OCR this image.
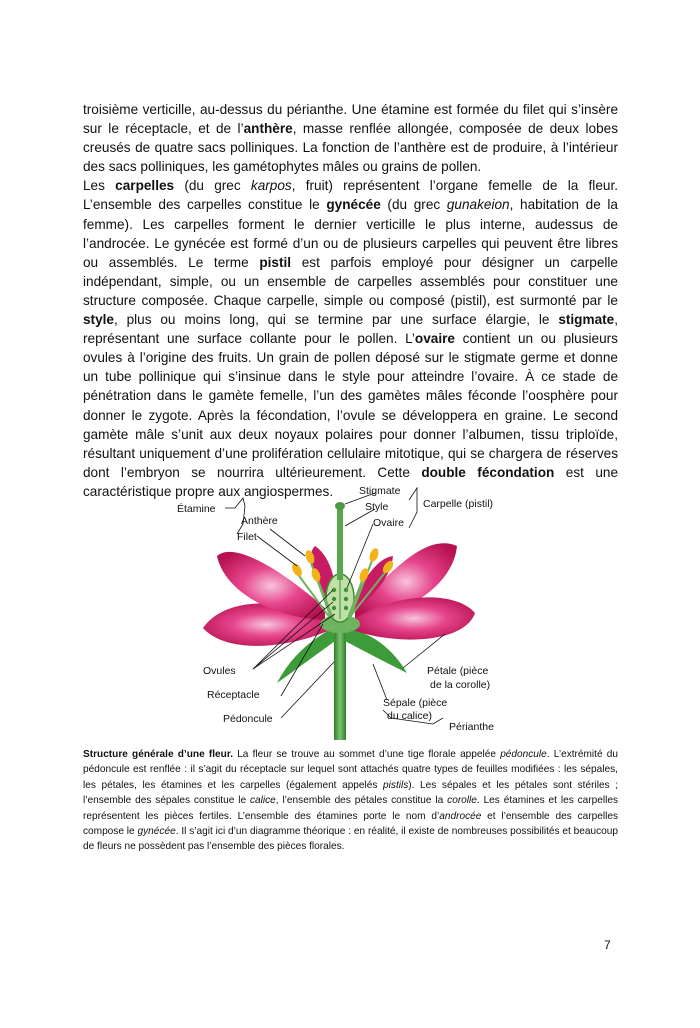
troisième verticille, au-dessus du périanthe. Une étamine est formée du filet qui s’insère sur le réceptacle, et de l’anthère, masse renflée allongée, composée de deux lobes creusés de quatre sacs polliniques. La fonction de l’anthère est de produire, à l’intérieur des sacs polliniques, les gamétophytes mâles ou grains de pollen.

Les carpelles (du grec karpos, fruit) représentent l’organe femelle de la fleur. L’ensemble des carpelles constitue le gynécée (du grec gunakeion, habitation de la femme). Les carpelles forment le dernier verticille le plus interne, audessus de l’androcée. Le gynécée est formé d’un ou de plusieurs carpelles qui peuvent être libres ou assemblés. Le terme pistil est parfois employé pour désigner un carpelle indépendant, simple, ou un ensemble de carpelles assemblés pour constituer une structure composée. Chaque carpelle, simple ou composé (pistil), est surmonté par le style, plus ou moins long, qui se termine par une surface élargie, le stigmate, représentant une surface collante pour le pollen. L’ovaire contient un ou plusieurs ovules à l’origine des fruits. Un grain de pollen déposé sur le stigmate germe et donne un tube pollinique qui s’insinue dans le style pour atteindre l’ovaire. À ce stade de pénétration dans le gamète femelle, l’un des gamètes mâles féconde l’oosphère pour donner le zygote. Après la fécondation, l’ovule se développera en graine. Le second gamète mâle s’unit aux deux noyaux polaires pour donner l’albumen, tissu triploïde, résultant uniquement d’une prolifération cellulaire mitotique, qui se chargera de réserves dont l’embryon se nourrira ultérieurement. Cette double fécondation est une caractéristique propre aux angiospermes.

Étamine
Anthère
Filet
Stigmate
Style
Ovaire
Carpelle (pistil)
Ovules
Réceptacle
Pédoncule
Pétale (pièce
de la corolle)
Sépale (pièce
du calice)
Périanthe

Structure générale d’une fleur. La fleur se trouve au sommet d’une tige florale appelée pédoncule. L’extrémité du pédoncule est renflée : il s’agit du réceptacle sur lequel sont attachés quatre types de feuilles modifiées : les sépales, les pétales, les étamines et les carpelles (également appelés pistils). Les sépales et les pétales sont stériles ; l’ensemble des sépales constitue le calice, l’ensemble des pétales constitue la corolle. Les étamines et les carpelles représentent les pièces fertiles. L’ensemble des étamines porte le nom d’androcée et l’ensemble des carpelles compose le gynécée. Il s’agit ici d’un diagramme théorique : en réalité, il existe de nombreuses possibilités et beaucoup de fleurs ne possèdent pas l’ensemble des pièces florales.

7
